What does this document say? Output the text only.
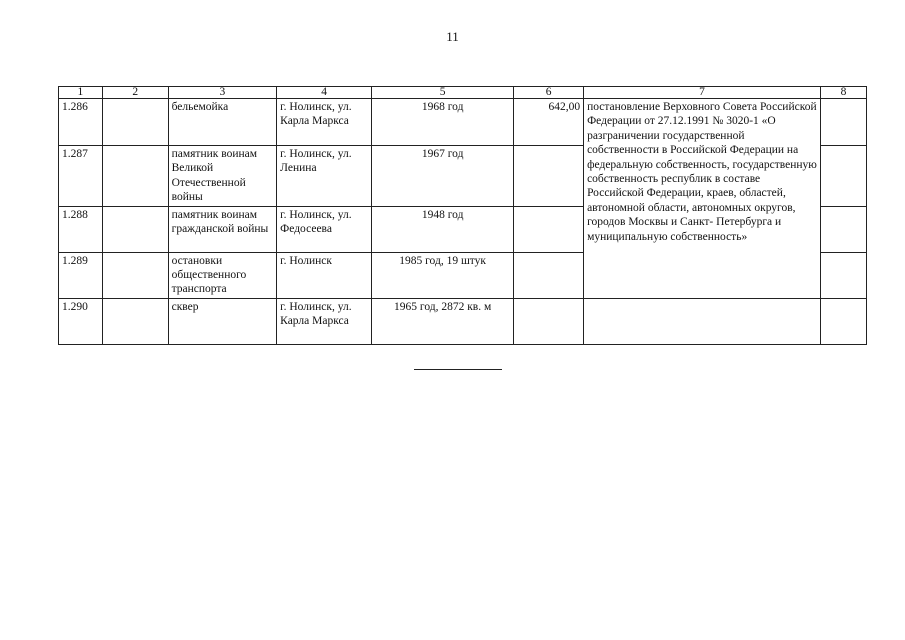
11
1	2	3	4	5	6	7	8
1.286		бельемойка	г. Нолинск, ул. Карла Маркса	1968 год	642,00	постановление Верховного Совета Российской Федерации от 27.12.1991 № 3020-1 «О разграничении государственной собственности в Российской Федерации на федеральную собственность, государственную собственность республик в составе Российской Федерации, краев, областей, автономной области, автономных округов, городов Москвы и Санкт- Петербурга и муниципальную собственность»	
1.287		памятник воинам Великой Отечественной войны	г. Нолинск, ул. Ленина	1967 год			
1.288		памятник воинам гражданской войны	г. Нолинск, ул. Федосеева	1948 год			
1.289		остановки общественного транспорта	г. Нолинск	1985 год, 19 штук			
1.290		сквер	г. Нолинск, ул. Карла Маркса	1965 год, 2872 кв. м			
